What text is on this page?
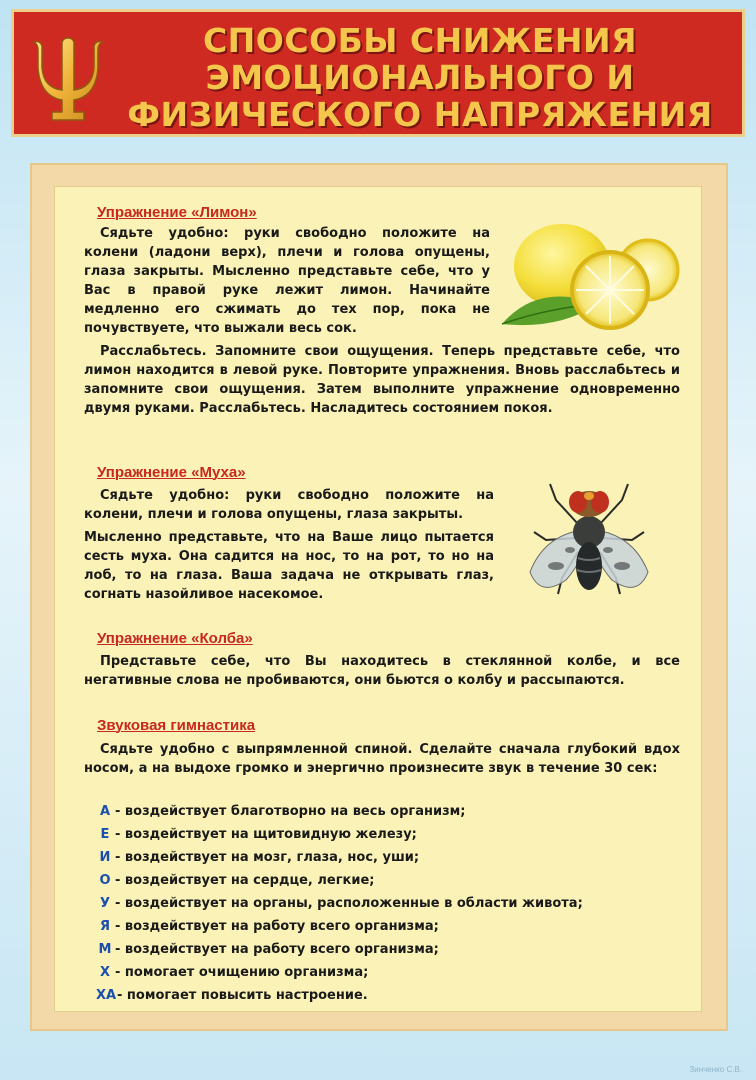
СПОСОБЫ СНИЖЕНИЯ
ЭМОЦИОНАЛЬНОГО И
ФИЗИЧЕСКОГО НАПРЯЖЕНИЯ
Упражнение «Лимон»

Сядьте удобно: руки свободно положите на колени (ладони верх), плечи и голова опущены, глаза закрыты. Мысленно представьте себе, что у Вас в правой руке лежит лимон. Начинайте медленно его сжимать до тех пор, пока не почувствуете, что выжали весь сок.

Расслабьтесь. Запомните свои ощущения. Теперь представьте себе, что лимон находится в левой руке. Повторите упражнения. Вновь расслабьтесь и запомните свои ощущения. Затем выполните упражнение одновременно двумя руками. Расслабьтесь. Насладитесь состоянием покоя.

Упражнение «Муха»

Сядьте удобно: руки свободно положите на колени, плечи и голова опущены, глаза закрыты.

Мысленно представьте, что на Ваше лицо пытается сесть муха. Она садится на нос, то на рот, то но на лоб, то на глаза. Ваша задача не открывать глаз, согнать назойливое насекомое.

Упражнение «Колба»

Представьте себе, что Вы находитесь в стеклянной колбе, и все негативные слова не пробиваются, они бьются о колбу и рассыпаются.

Звуковая гимнастика

Сядьте удобно с выпрямленной спиной. Сделайте сначала глубокий вдох носом, а на выдохе громко и энергично произнесите звук в течение 30 сек:

А - воздействует благотворно на весь организм;
Е - воздействует на щитовидную железу;
И - воздействует на мозг, глаза, нос, уши;
О - воздействует на сердце, легкие;
У - воздействует на органы, расположенные в области живота;
Я - воздействует на работу всего организма;
М - воздействует на работу всего организма;
Х - помогает очищению организма;
ХА- помогает повысить настроение.

Зинченко С.В.
